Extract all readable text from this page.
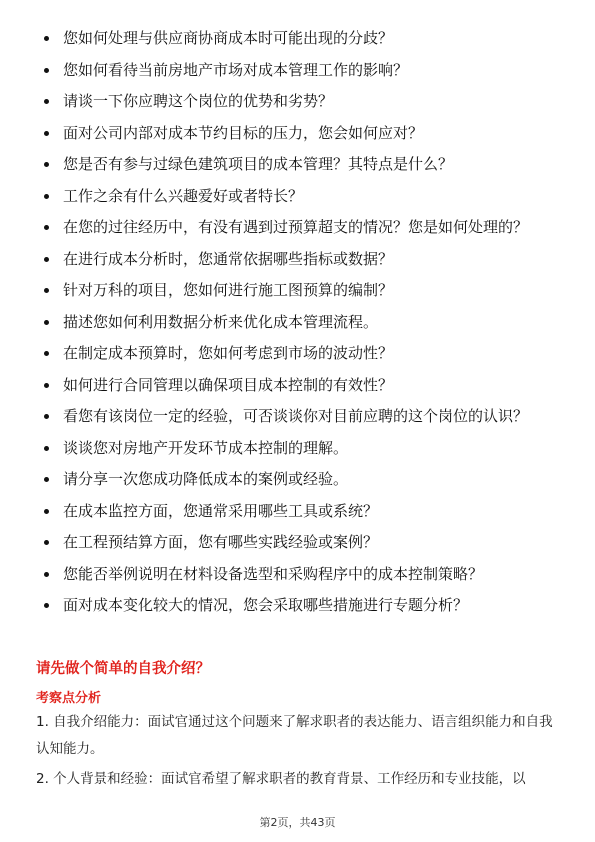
您如何处理与供应商协商成本时可能出现的分歧？
您如何看待当前房地产市场对成本管理工作的影响？
请谈一下你应聘这个岗位的优势和劣势？
面对公司内部对成本节约目标的压力，您会如何应对？
您是否有参与过绿色建筑项目的成本管理？其特点是什么？
工作之余有什么兴趣爱好或者特长？
在您的过往经历中，有没有遇到过预算超支的情况？您是如何处理的？
在进行成本分析时，您通常依据哪些指标或数据？
针对万科的项目，您如何进行施工图预算的编制？
描述您如何利用数据分析来优化成本管理流程。
在制定成本预算时，您如何考虑到市场的波动性？
如何进行合同管理以确保项目成本控制的有效性？
看您有该岗位一定的经验，可否谈谈你对目前应聘的这个岗位的认识？
谈谈您对房地产开发环节成本控制的理解。
请分享一次您成功降低成本的案例或经验。
在成本监控方面，您通常采用哪些工具或系统？
在工程预结算方面，您有哪些实践经验或案例？
您能否举例说明在材料设备选型和采购程序中的成本控制策略？
面对成本变化较大的情况，您会采取哪些措施进行专题分析？
请先做个简单的自我介绍？
考察点分析
1. 自我介绍能力：面试官通过这个问题来了解求职者的表达能力、语言组织能力和自我认知能力。
2. 个人背景和经验：面试官希望了解求职者的教育背景、工作经历和专业技能，以
第2页，共43页
